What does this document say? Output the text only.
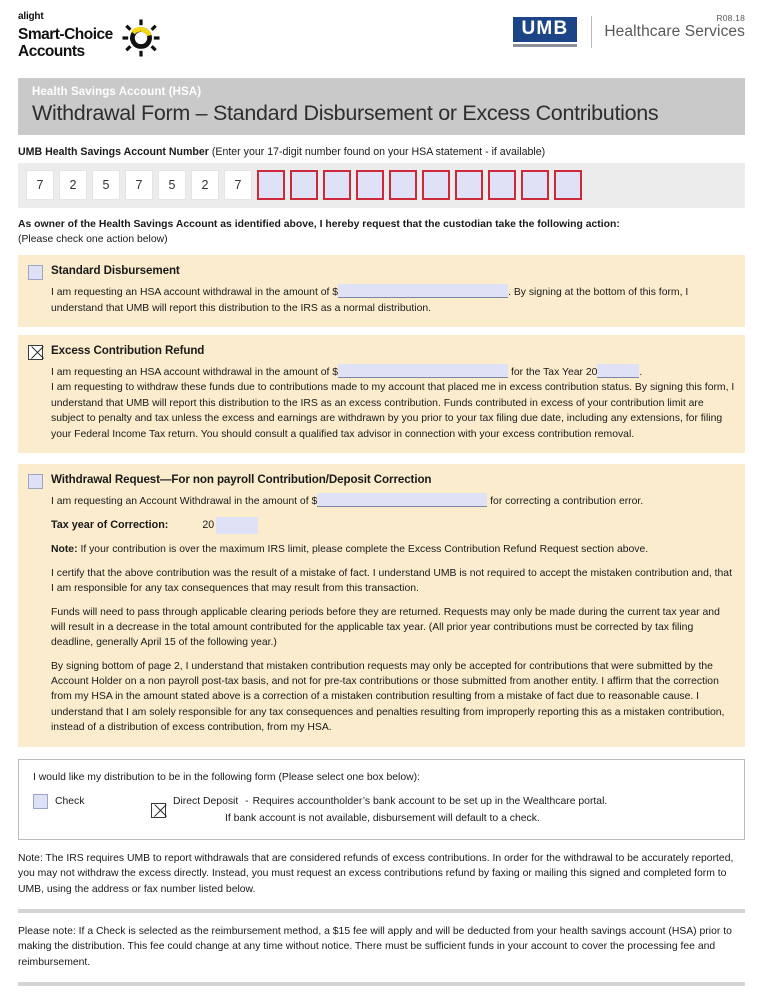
alight
Smart-Choice
Accounts
R08.18
UMB	Healthcare Services
Health Savings Account (HSA)
Withdrawal Form – Standard Disbursement or Excess Contributions
UMB Health Savings Account Number (Enter your 17-digit number found on your HSA statement - if available)
7	2	5	7	5	2	7
As owner of the Health Savings Account as identified above, I hereby request that the custodian take the following action:
(Please check one action below)
Standard Disbursement

I am requesting an HSA account withdrawal in the amount of $	. By signing at the bottom of this form, I understand that UMB will report this distribution to the IRS as a normal distribution.

Excess Contribution Refund

I am requesting an HSA account withdrawal in the amount of $	for the Tax Year 20	.

I am requesting to withdraw these funds due to contributions made to my account that placed me in excess contribution status. By signing this form, I understand that UMB will report this distribution to the IRS as an excess contribution. Funds contributed in excess of your contribution limit are subject to penalty and tax unless the excess and earnings are withdrawn by you prior to your tax filing due date, including any extensions, for filing your Federal Income Tax return. You should consult a qualified tax advisor in connection with your excess contribution removal.

Withdrawal Request—For non payroll Contribution/Deposit Correction

I am requesting an Account Withdrawal in the amount of $	for correcting a contribution error.

Tax year of Correction:	20

Note: If your contribution is over the maximum IRS limit, please complete the Excess Contribution Refund Request section above.

I certify that the above contribution was the result of a mistake of fact. I understand UMB is not required to accept the mistaken contribution and, that I am responsible for any tax consequences that may result from this transaction.

Funds will need to pass through applicable clearing periods before they are returned. Requests may only be made during the current tax year and will result in a decrease in the total amount contributed for the applicable tax year. (All prior year contributions must be corrected by tax filing deadline, generally April 15 of the following year.)

By signing bottom of page 2, I understand that mistaken contribution requests may only be accepted for contributions that were submitted by the Account Holder on a non payroll post-tax basis, and not for pre-tax contributions or those submitted from another entity. I affirm that the correction from my HSA in the amount stated above is a correction of a mistaken contribution resulting from a mistake of fact due to reasonable cause. I understand that I am solely responsible for any tax consequences and penalties resulting from improperly reporting this as a mistaken contribution, instead of a distribution of excess contribution, from my HSA.

I would like my distribution to be in the following form (Please select one box below):
Check	Direct Deposit - Requires accountholder’s bank account to be set up in the Wealthcare portal.
If bank account is not available, disbursement will default to a check.
Note: The IRS requires UMB to report withdrawals that are considered refunds of excess contributions. In order for the withdrawal to be accurately reported, you may not withdraw the excess directly. Instead, you must request an excess contributions refund by faxing or mailing this signed and completed form to UMB, using the address or fax number listed below.
Please note: If a Check is selected as the reimbursement method, a $15 fee will apply and will be deducted from your health savings account (HSA) prior to making the distribution. This fee could change at any time without notice. There must be sufficient funds in your account to cover the processing fee and reimbursement.
